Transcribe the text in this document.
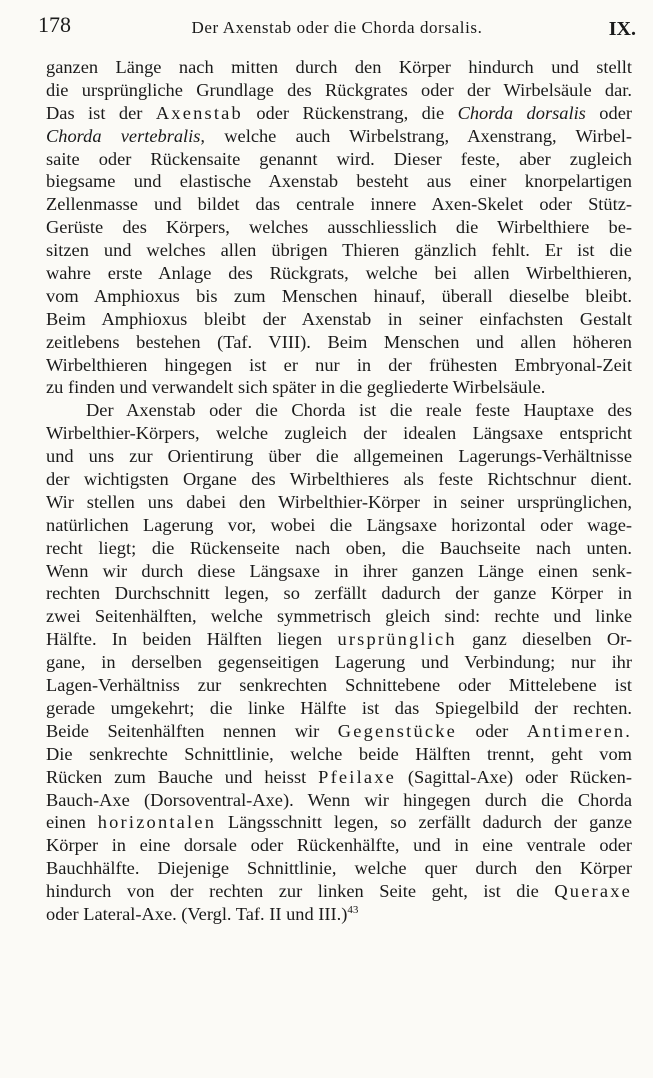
178	Der Axenstab oder die Chorda dorsalis.	IX.
ganzen Länge nach mitten durch den Körper hindurch und stellt
die ursprüngliche Grundlage des Rückgrates oder der Wirbelsäule dar.
Das ist der Axenstab oder Rückenstrang, die Chorda dorsalis oder
Chorda vertebralis, welche auch Wirbelstrang, Axenstrang, Wirbel-
saite oder Rückensaite genannt wird. Dieser feste, aber zugleich
biegsame und elastische Axenstab besteht aus einer knorpelartigen
Zellenmasse und bildet das centrale innere Axen-Skelet oder Stütz-
Gerüste des Körpers, welches ausschliesslich die Wirbelthiere be-
sitzen und welches allen übrigen Thieren gänzlich fehlt. Er ist die
wahre erste Anlage des Rückgrats, welche bei allen Wirbelthieren,
vom Amphioxus bis zum Menschen hinauf, überall dieselbe bleibt.
Beim Amphioxus bleibt der Axenstab in seiner einfachsten Gestalt
zeitlebens bestehen (Taf. VIII). Beim Menschen und allen höheren
Wirbelthieren hingegen ist er nur in der frühesten Embryonal-Zeit
zu finden und verwandelt sich später in die gegliederte Wirbelsäule.
Der Axenstab oder die Chorda ist die reale feste Hauptaxe des
Wirbelthier-Körpers, welche zugleich der idealen Längsaxe entspricht
und uns zur Orientirung über die allgemeinen Lagerungs-Verhältnisse
der wichtigsten Organe des Wirbelthieres als feste Richtschnur dient.
Wir stellen uns dabei den Wirbelthier-Körper in seiner ursprünglichen,
natürlichen Lagerung vor, wobei die Längsaxe horizontal oder wage-
recht liegt; die Rückenseite nach oben, die Bauchseite nach unten.
Wenn wir durch diese Längsaxe in ihrer ganzen Länge einen senk-
rechten Durchschnitt legen, so zerfällt dadurch der ganze Körper in
zwei Seitenhälften, welche symmetrisch gleich sind: rechte und linke
Hälfte. In beiden Hälften liegen ursprünglich ganz dieselben Or-
gane, in derselben gegenseitigen Lagerung und Verbindung; nur ihr
Lagen-Verhältniss zur senkrechten Schnittebene oder Mittelebene ist
gerade umgekehrt; die linke Hälfte ist das Spiegelbild der rechten.
Beide Seitenhälften nennen wir Gegenstücke oder Antimeren.
Die senkrechte Schnittlinie, welche beide Hälften trennt, geht vom
Rücken zum Bauche und heisst Pfeilaxe (Sagittal-Axe) oder Rücken-
Bauch-Axe (Dorsoventral-Axe). Wenn wir hingegen durch die Chorda
einen horizontalen Längsschnitt legen, so zerfällt dadurch der ganze
Körper in eine dorsale oder Rückenhälfte, und in eine ventrale oder
Bauchhälfte. Diejenige Schnittlinie, welche quer durch den Körper
hindurch von der rechten zur linken Seite geht, ist die Queraxe
oder Lateral-Axe. (Vergl. Taf. II und III.)$^{43}$
